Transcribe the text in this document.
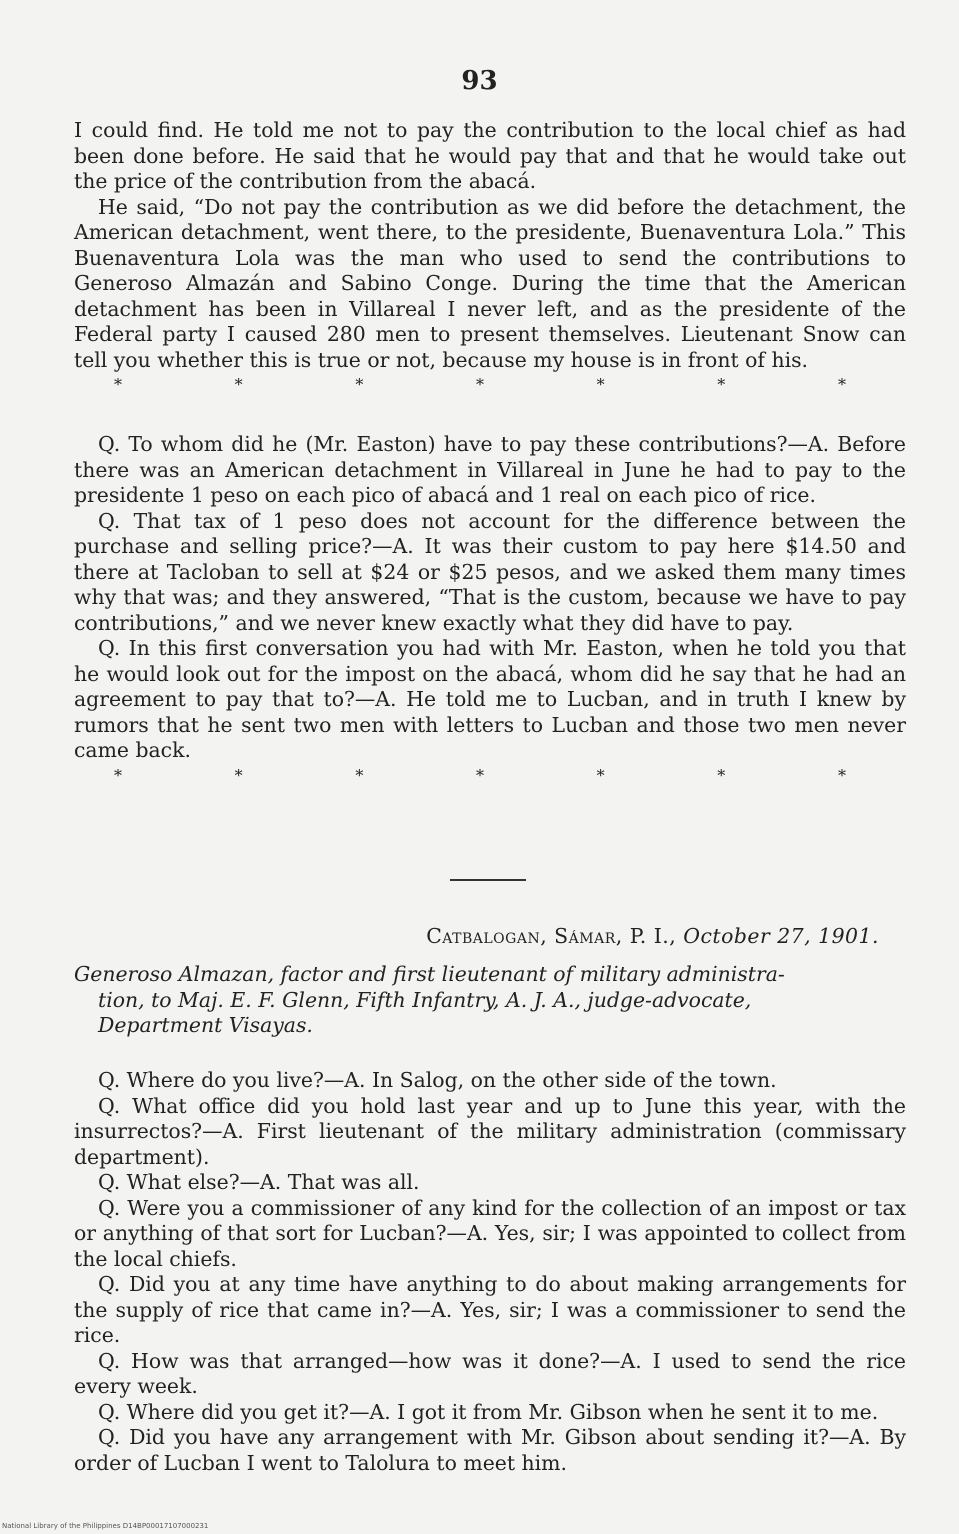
93

I could find. He told me not to pay the contribution to the local chief as had been done before. He said that he would pay that and that he would take out the price of the contribution from the abacá.

He said, “Do not pay the contribution as we did before the detachment, the American detachment, went there, to the presidente, Buenaventura Lola.” This Buenaventura Lola was the man who used to send the contributions to Generoso Almazán and Sabino Conge. During the time that the American detachment has been in Villareal I never left, and as the presidente of the Federal party I caused 280 men to present themselves. Lieutenant Snow can tell you whether this is true or not, because my house is in front of his.

*	*	*	*	*	*	*

Q. To whom did he (Mr. Easton) have to pay these contributions?—A. Before there was an American detachment in Villareal in June he had to pay to the presidente 1 peso on each pico of abacá and 1 real on each pico of rice.

Q. That tax of 1 peso does not account for the difference between the purchase and selling price?—A. It was their custom to pay here $14.50 and there at Tacloban to sell at $24 or $25 pesos, and we asked them many times why that was; and they answered, “That is the custom, because we have to pay contributions,” and we never knew exactly what they did have to pay.

Q. In this first conversation you had with Mr. Easton, when he told you that he would look out for the impost on the abacá, whom did he say that he had an agreement to pay that to?—A. He told me to Lucban, and in truth I knew by rumors that he sent two men with letters to Lucban and those two men never came back.

*	*	*	*	*	*	*
Catbalogan, Sámar, P. I., October 27, 1901.
Generoso Almazan, factor and first lieutenant of military administra-
tion, to Maj. E. F. Glenn, Fifth Infantry, A. J. A., judge-advocate,
Department Visayas.

Q. Where do you live?—A. In Salog, on the other side of the town.

Q. What office did you hold last year and up to June this year, with the insurrectos?—A. First lieutenant of the military administration (commissary department).

Q. What else?—A. That was all.

Q. Were you a commissioner of any kind for the collection of an impost or tax or anything of that sort for Lucban?—A. Yes, sir; I was appointed to collect from the local chiefs.

Q. Did you at any time have anything to do about making arrangements for the supply of rice that came in?—A. Yes, sir; I was a commissioner to send the rice.

Q. How was that arranged—how was it done?—A. I used to send the rice every week.

Q. Where did you get it?—A. I got it from Mr. Gibson when he sent it to me.

Q. Did you have any arrangement with Mr. Gibson about sending it?—A. By order of Lucban I went to Talolura to meet him.

National Library of the Philippines D14BP00017107000231
